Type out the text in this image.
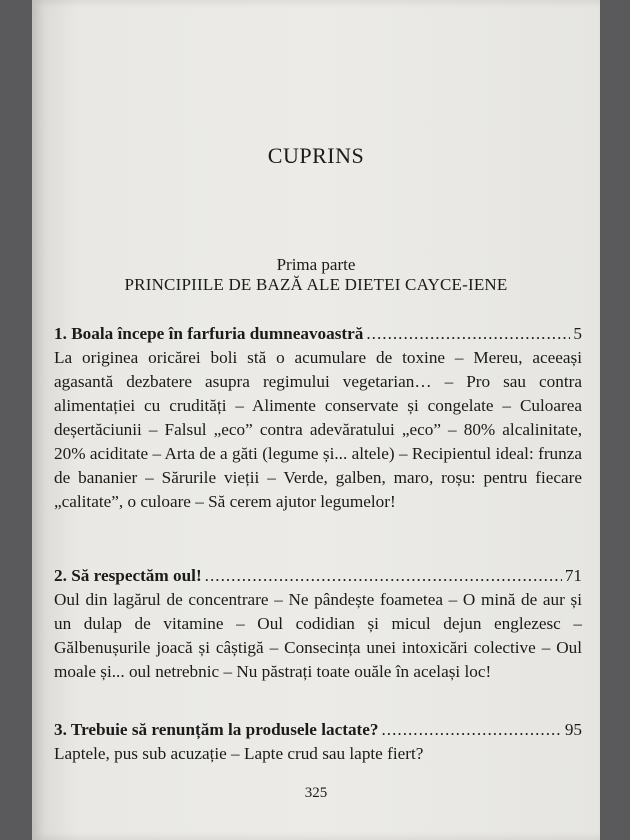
CUPRINS
Prima parte
PRINCIPIILE DE BAZĂ ALE DIETEI CAYCE-IENE
1. Boala începe în farfuria dumneavoastră .....	5
La originea oricărei boli stă o acumulare de toxine – Mereu, aceeași agasantă dezbatere asupra regimului vegetarian… – Pro sau contra alimentației cu crudități – Alimente conservate și congelate – Culoarea deșertăciunii – Falsul „eco” contra adevăratului „eco” – 80% alcalinitate, 20% aciditate – Arta de a găti (legume și... altele) – Recipientul ideal: frunza de bananier – Sărurile vieții – Verde, galben, maro, roșu: pentru fiecare „calitate”, o culoare – Să cerem ajutor legumelor!
2. Să respectăm oul! .....	71
Oul din lagărul de concentrare – Ne pândește foametea – O mină de aur și un dulap de vitamine – Oul codidian și micul dejun englezesc – Gălbenușurile joacă și câștigă – Consecința unei intoxicări colective – Oul moale și... oul netrebnic – Nu păstrați toate ouăle în același loc!
3. Trebuie să renunțăm la produsele lactate? .....	95
Laptele, pus sub acuzație – Lapte crud sau lapte fiert?
325
